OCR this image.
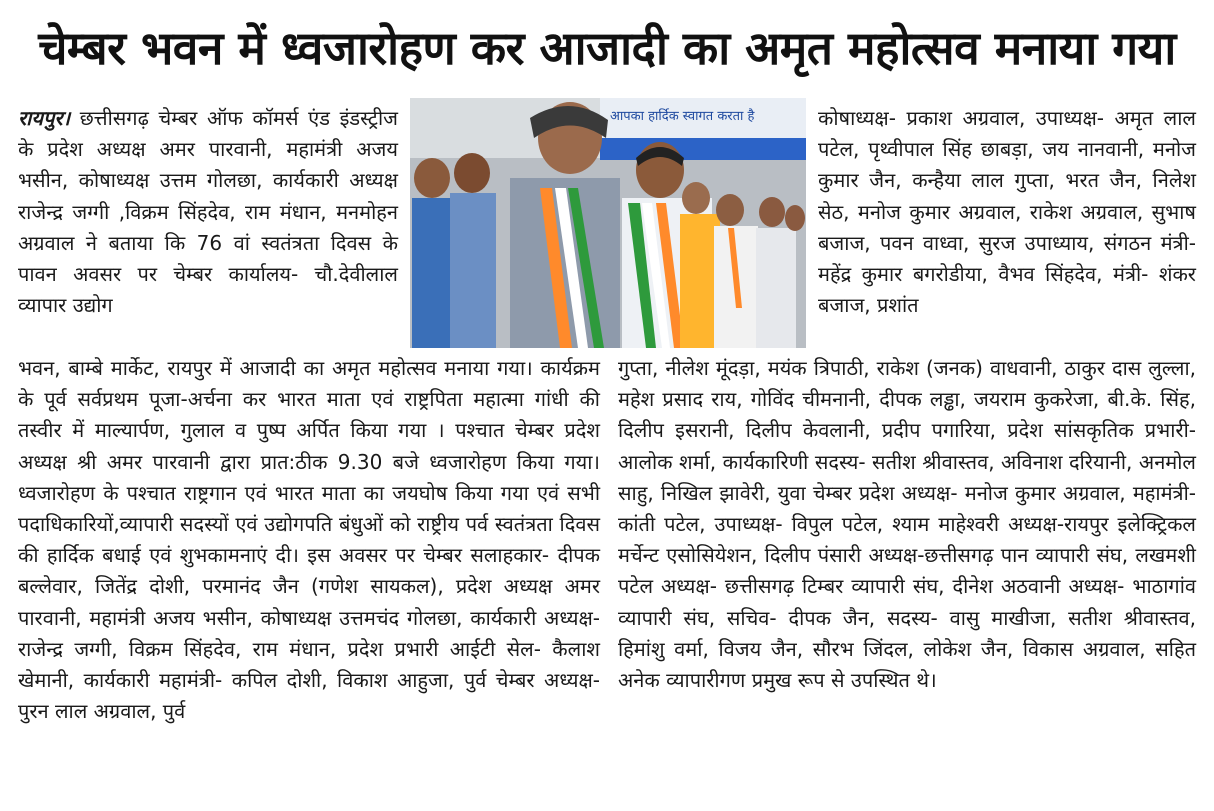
चेम्बर भवन में ध्वजारोहण कर आजादी का अमृत महोत्सव मनाया गया

रायपुर। छत्तीसगढ़ चेम्बर ऑफ कॉमर्स एंड इंडस्ट्रीज के प्रदेश अध्यक्ष अमर पारवानी, महामंत्री अजय भसीन, कोषाध्यक्ष उत्तम गोलछा, कार्यकारी अध्यक्ष राजेन्द्र जग्गी ,विक्रम सिंहदेव, राम मंधान, मनमोहन अग्रवाल ने बताया कि 76 वां स्वतंत्रता दिवस के पावन अवसर पर चेम्बर कार्यालय- चौ.देवीलाल व्यापार उद्योग

आपका हार्दिक स्वागत करता है	कोषाध्यक्ष- प्रकाश अग्रवाल, उपाध्यक्ष- अमृत लाल पटेल, पृथ्वीपाल सिंह छाबड़ा, जय नानवानी, मनोज कुमार जैन, कन्हैया लाल गुप्ता, भरत जैन, निलेश सेठ, मनोज कुमार अग्रवाल, राकेश अग्रवाल, सुभाष बजाज, पवन वाध्वा, सुरज उपाध्याय, संगठन मंत्री- महेंद्र कुमार बगरोडीया, वैभव सिंहदेव, मंत्री- शंकर बजाज, प्रशांत

भवन, बाम्बे मार्केट, रायपुर में आजादी का अमृत महोत्सव मनाया गया। कार्यक्रम के पूर्व सर्वप्रथम पूजा-अर्चना कर भारत माता एवं राष्ट्रपिता महात्मा गांधी की तस्वीर में माल्यार्पण, गुलाल व पुष्प अर्पित किया गया । पश्चात चेम्बर प्रदेश अध्यक्ष श्री अमर पारवानी द्वारा प्रात:ठीक 9.30 बजे ध्वजारोहण किया गया।ध्वजारोहण के पश्चात राष्ट्रगान एवं भारत माता का जयघोष किया गया एवं सभी पदाधिकारियों,व्यापारी सदस्यों एवं उद्योगपति बंधुओं को राष्ट्रीय पर्व स्वतंत्रता दिवस की हार्दिक बधाई एवं शुभकामनाएं दी। इस अवसर पर चेम्बर सलाहकार- दीपक बल्लेवार, जितेंद्र दोशी, परमानंद जैन (गणेश सायकल), प्रदेश अध्यक्ष अमर पारवानी, महामंत्री अजय भसीन, कोषाध्यक्ष उत्तमचंद गोलछा, कार्यकारी अध्यक्ष-राजेन्द्र जग्गी, विक्रम सिंहदेव, राम मंधान, प्रदेश प्रभारी आईटी सेल- कैलाश खेमानी, कार्यकारी महामंत्री- कपिल दोशी, विकाश आहुजा, पुर्व चेम्बर अध्यक्ष- पुरन लाल अग्रवाल, पुर्व

गुप्ता, नीलेश मूंदड़ा, मयंक त्रिपाठी, राकेश (जनक) वाधवानी, ठाकुर दास लुल्ला, महेश प्रसाद राय, गोविंद चीमनानी, दीपक लड्ढा, जयराम कुकरेजा, बी.के. सिंह, दिलीप इसरानी, दिलीप केवलानी, प्रदीप पगारिया, प्रदेश सांसकृतिक प्रभारी- आलोक शर्मा, कार्यकारिणी सदस्य- सतीश श्रीवास्तव, अविनाश दरियानी, अनमोल साहु, निखिल झावेरी, युवा चेम्बर प्रदेश अध्यक्ष- मनोज कुमार अग्रवाल, महामंत्री- कांती पटेल, उपाध्यक्ष- विपुल पटेल, श्याम माहेश्वरी अध्यक्ष-रायपुर इलेक्ट्रिकल मर्चेन्ट एसोसियेशन, दिलीप पंसारी अध्यक्ष-छत्तीसगढ़ पान व्यापारी संघ, लखमशी पटेल अध्यक्ष- छत्तीसगढ़ टिम्बर व्यापारी संघ, दीनेश अठवानी अध्यक्ष- भाठागांव व्यापारी संघ, सचिव- दीपक जैन, सदस्य- वासु माखीजा, सतीश श्रीवास्तव, हिमांशु वर्मा, विजय जैन, सौरभ जिंदल, लोकेश जैन, विकास अग्रवाल, सहित अनेक व्यापारीगण प्रमुख रूप से उपस्थित थे।
